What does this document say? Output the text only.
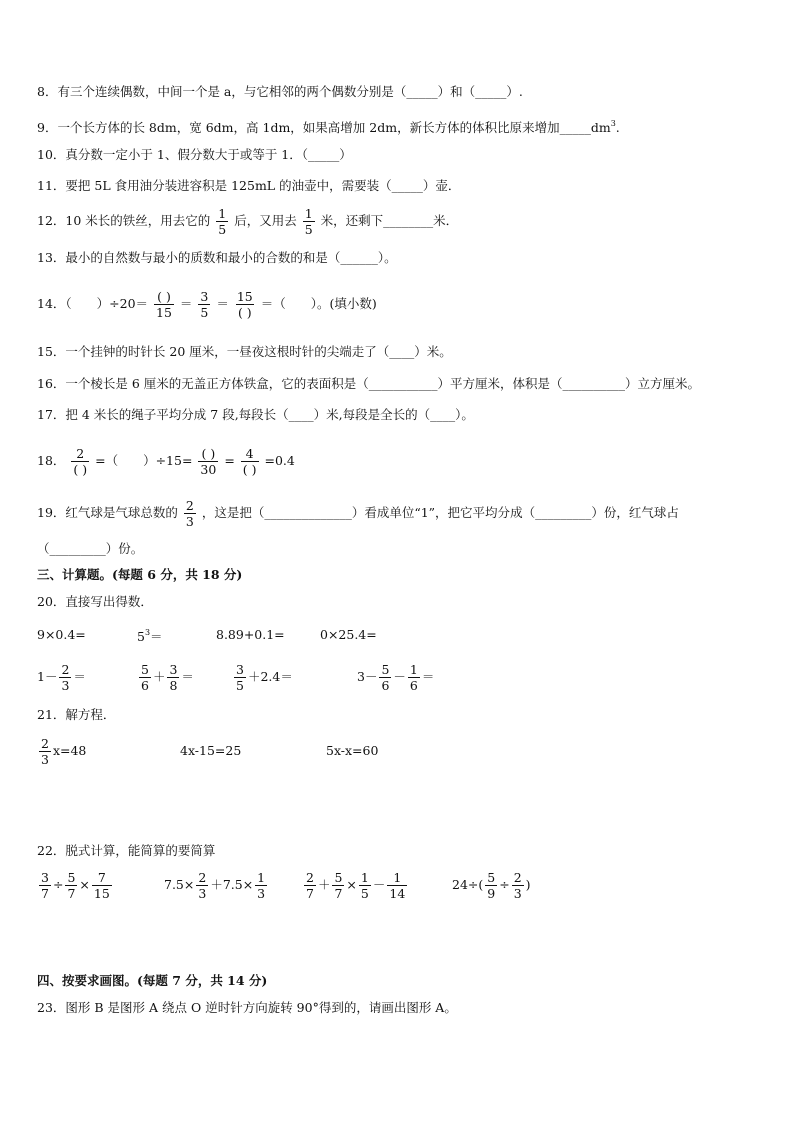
8．有三个连续偶数，中间一个是 a，与它相邻的两个偶数分别是（_____）和（_____）.
9．一个长方体的长 8dm，宽 6dm，高 1dm，如果高增加 2dm，新长方体的体积比原来增加$\_\_\_\_\_dm^3$.
10．真分数一定小于 1、假分数大于或等于 1．（_____）
11．要把 5L 食用油分装进容积是 125mL 的油壶中，需要装（_____）壶．
12．10 米长的铁丝，用去它的 $\frac{1}{5}$ 后，又用去 $\frac{1}{5}$ 米，还剩下________米．
13．最小的自然数与最小的质数和最小的合数的和是（______）。
14．（　　）$\div 20= \frac{( )}{15} = \frac{3}{5} = \frac{15}{( )}$ ＝（　　）。(填小数)
15．一个挂钟的时针长 20 厘米，一昼夜这根时针的尖端走了（____）米。
16．一个棱长是 6 厘米的无盖正方体铁盒，它的表面积是（___________）平方厘米，体积是（__________）立方厘米。
17．把 4 米长的绳子平均分成 7 段,每段长（____）米,每段是全长的（____）。
18． $\frac{2}{( )}$ =（　　）$\div 15= \frac{( )}{30} = \frac{4}{( )} =0.4$
19．红气球是气球总数的 $\frac{2}{3}$ ，这是把（______________）看成单位“1”，把它平均分成（_________）份，红气球占
（_________）份。
三、计算题。(每题 6 分，共 18 分)
20．直接写出得数．
9×0.4=	$5^3=$	8.89+0.1=	0×25.4=
$1- \frac{2}{3}$ ＝	$\frac{5}{6} + \frac{3}{8}$ ＝	$\frac{3}{5} +2.4=$	$3- \frac{5}{6} - \frac{1}{6}$ ＝
21．解方程．
$\frac{2}{3} x=48$	4x-15=25	5x-x=60
22．脱式计算，能简算的要简算
$\frac{3}{7} \div \frac{5}{7} \times \frac{7}{15}$	$7.5\times \frac{2}{3} +7.5\times \frac{1}{3}$	$\frac{2}{7} + \frac{5}{7} \times \frac{1}{5} - \frac{1}{14}$	$24\div( \frac{5}{9} \div \frac{2}{3}$ )
四、按要求画图。(每题 7 分，共 14 分)
23．图形 B 是图形 A 绕点 O 逆时针方向旋转 90°得到的，请画出图形 A。
